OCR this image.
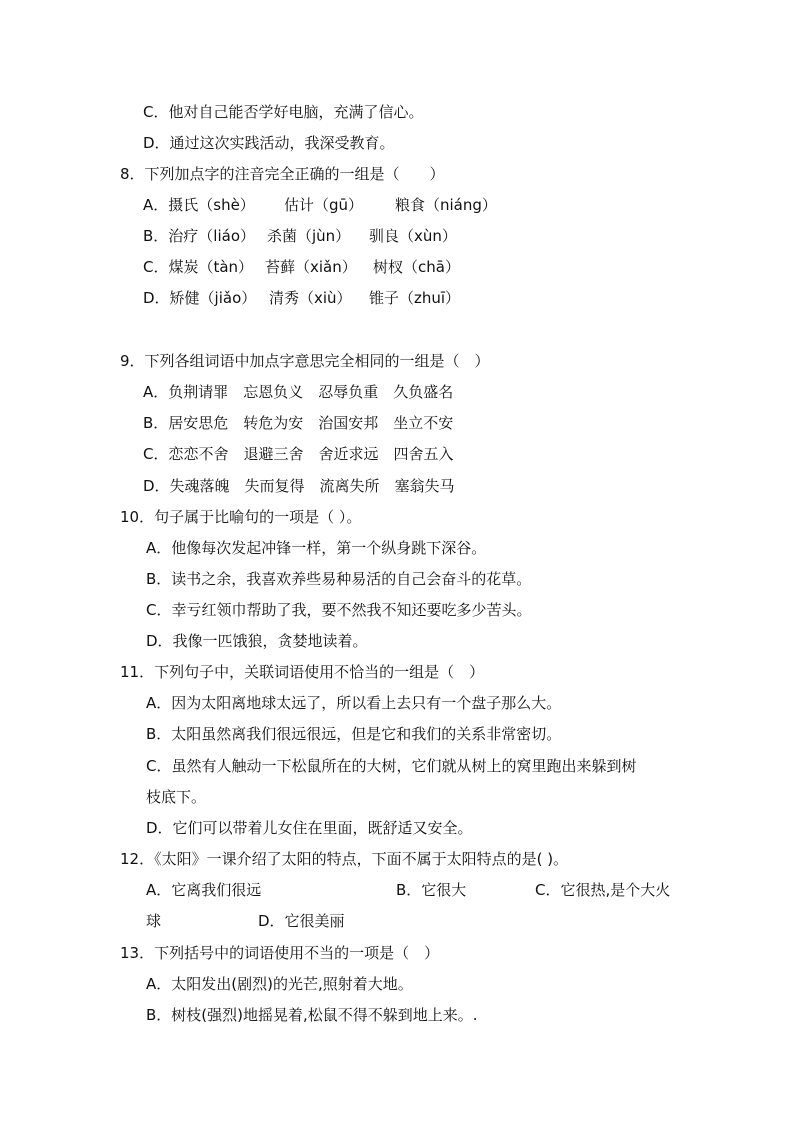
C．他对自己能否学好电脑，充满了信心。
D．通过这次实践活动，我深受教育。
8．下列加点字的注音完全正确的一组是（　　）
A．摄氏（shè） 估计（gū） 粮食（niáng）
B．治疗（liáo） 杀菌（jùn） 驯良（xùn）
C．煤炭（tàn） 苔藓（xiǎn） 树杈（chā）
D．矫健（jiǎo） 清秀（xiù） 锥子（zhuī）
9．下列各组词语中加点字意思完全相同的一组是（　）
A．负荆请罪　忘恩负义　忍辱负重　久负盛名
B．居安思危　转危为安　治国安邦　坐立不安
C．恋恋不舍　退避三舍　舍近求远　四舍五入
D．失魂落魄　失而复得　流离失所　塞翁失马
10．句子属于比喻句的一项是（ ）。
A．他像每次发起冲锋一样，第一个纵身跳下深谷。
B．读书之余，我喜欢养些易种易活的自己会奋斗的花草。
C．幸亏红领巾帮助了我，要不然我不知还要吃多少苦头。
D．我像一匹饿狼，贪婪地读着。
11．下列句子中，关联词语使用不恰当的一组是（　）
A．因为太阳离地球太远了，所以看上去只有一个盘子那么大。
B．太阳虽然离我们很远很远，但是它和我们的关系非常密切。
C．虽然有人触动一下松鼠所在的大树，它们就从树上的窝里跑出来躲到树
枝底下。
D．它们可以带着儿女住在里面，既舒适又安全。
12．《太阳》一课介绍了太阳的特点，下面不属于太阳特点的是( )。
A．它离我们很远	B．它很大	C．它很热,是个大火
球	D．它很美丽
13．下列括号中的词语使用不当的一项是（　）
A．太阳发出(剧烈)的光芒,照射着大地。
B．树枝(强烈)地摇晃着,松鼠不得不躲到地上来。.
